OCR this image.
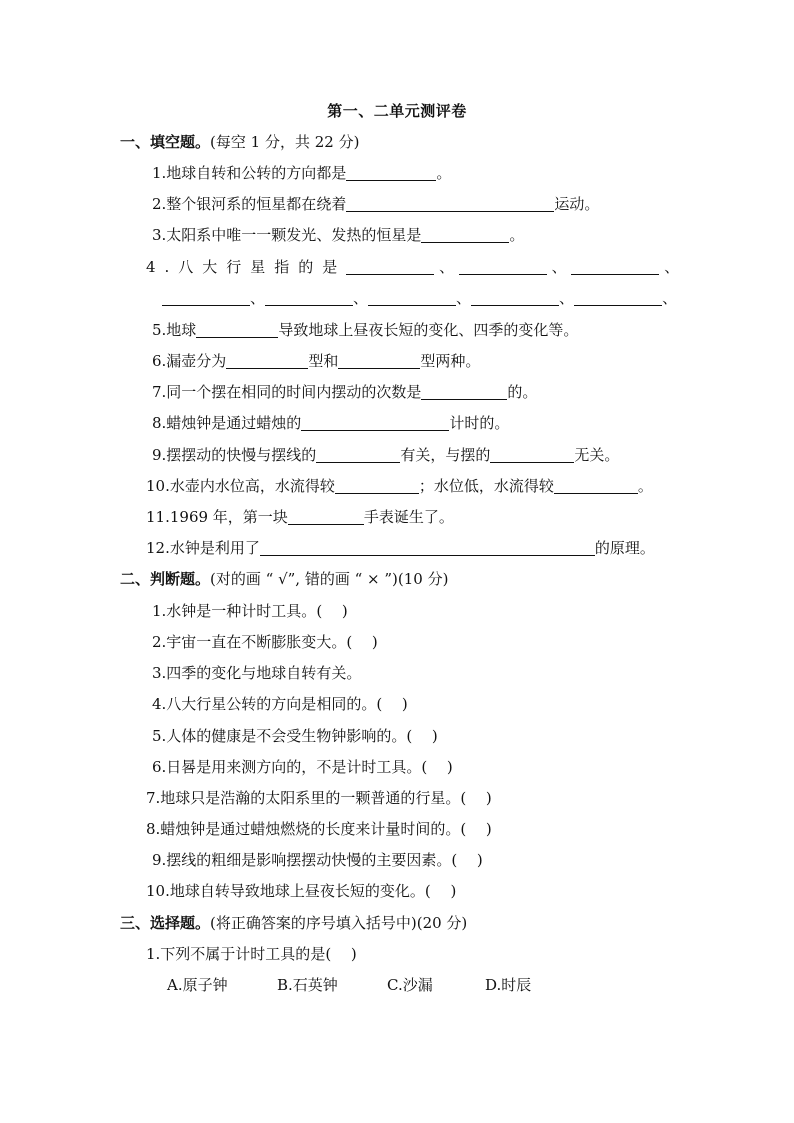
第一、二单元测评卷
一、填空题。(每空 1 分，共 22 分)
1.地球自转和公转的方向都是	。
2.整个银河系的恒星都在绕着	运动。
3.太阳系中唯一一颗发光、发热的恒星是	。
4.八大行星指的是	、	、	、
、	、	、	、	、
5.地球	导致地球上昼夜长短的变化、四季的变化等。
6.漏壶分为	型和	型两种。
7.同一个摆在相同的时间内摆动的次数是	的。
8.蜡烛钟是通过蜡烛的	计时的。
9.摆摆动的快慢与摆线的	有关，与摆的	无关。
10.水壶内水位高，水流得较	；水位低，水流得较	。
11.1969 年，第一块	手表诞生了。
12.水钟是利用了	的原理。
二、判断题。(对的画 “ √”, 错的画 “ × ”)(10 分)
1.水钟是一种计时工具。(　 )
2.宇宙一直在不断膨胀变大。(　 )
3.四季的变化与地球自转有关。
4.八大行星公转的方向是相同的。(　 )
5.人体的健康是不会受生物钟影响的。(　 )
6.日晷是用来测方向的，不是计时工具。(　 )
7.地球只是浩瀚的太阳系里的一颗普通的行星。(　 )
8.蜡烛钟是通过蜡烛燃烧的长度来计量时间的。(　 )
9.摆线的粗细是影响摆摆动快慢的主要因素。(　 )
10.地球自转导致地球上昼夜长短的变化。(　 )
三、选择题。(将正确答案的序号填入括号中)(20 分)
1.下列不属于计时工具的是(　 )
A.原子钟	B.石英钟	C.沙漏	D.时辰
